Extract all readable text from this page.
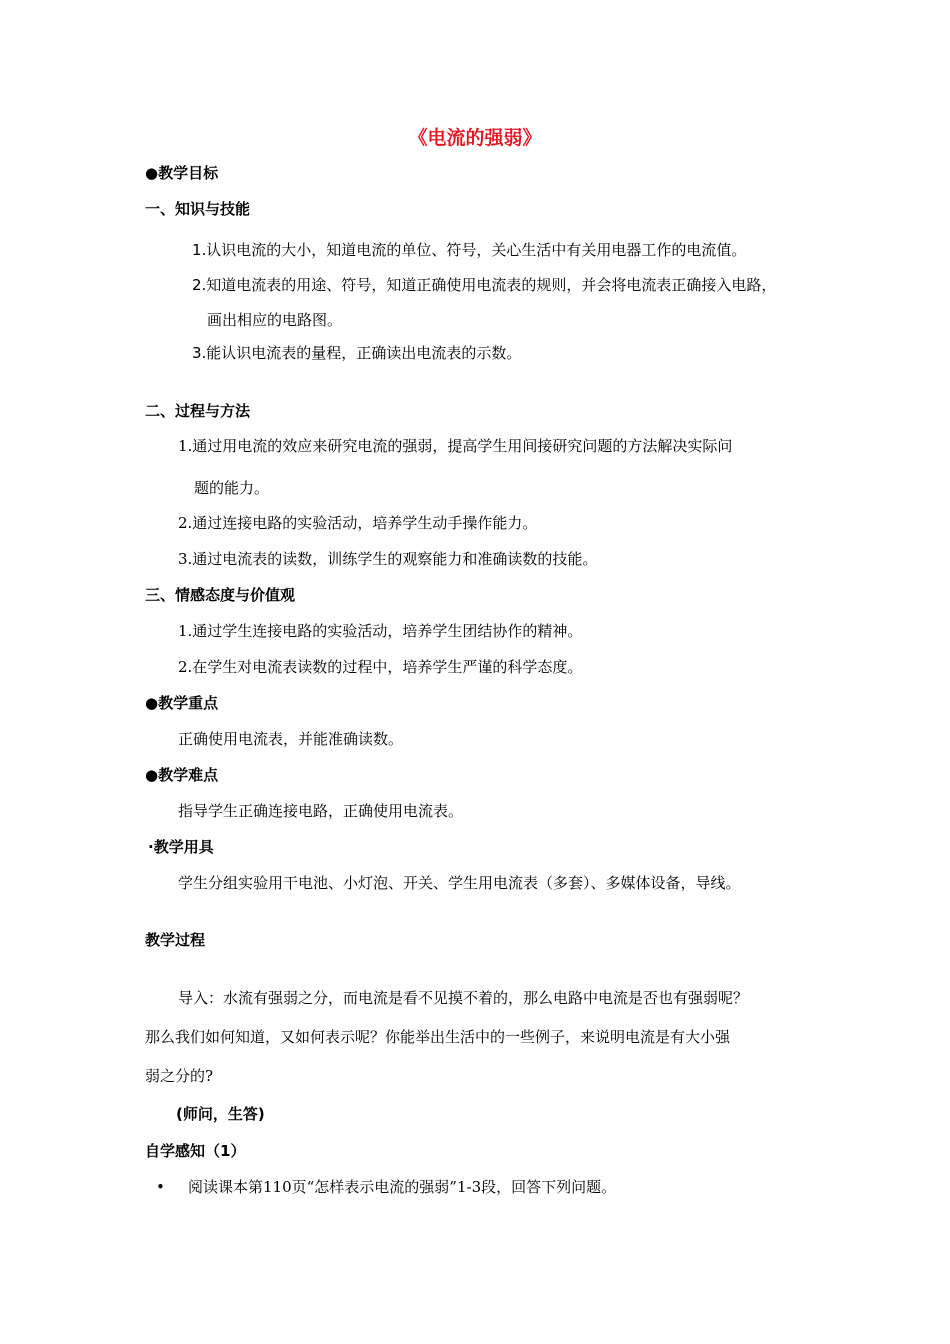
《电流的强弱》
●教学目标
一、知识与技能
1.认识电流的大小，知道电流的单位、符号，关心生活中有关用电器工作的电流值。
2.知道电流表的用途、符号，知道正确使用电流表的规则，并会将电流表正确接入电路，
画出相应的电路图。
3.能认识电流表的量程，正确读出电流表的示数。
二、过程与方法
1.通过用电流的效应来研究电流的强弱，提高学生用间接研究问题的方法解决实际问
题的能力。
2.通过连接电路的实验活动，培养学生动手操作能力。
3.通过电流表的读数，训练学生的观察能力和准确读数的技能。
三、情感态度与价值观
1.通过学生连接电路的实验活动，培养学生团结协作的精神。
2.在学生对电流表读数的过程中，培养学生严谨的科学态度。
●教学重点
正确使用电流表，并能准确读数。
●教学难点
指导学生正确连接电路，正确使用电流表。
·教学用具
学生分组实验用干电池、小灯泡、开关、学生用电流表（多套）、多媒体设备，导线。
教学过程
导入：水流有强弱之分，而电流是看不见摸不着的，那么电路中电流是否也有强弱呢？
那么我们如何知道，又如何表示呢？你能举出生活中的一些例子，来说明电流是有大小强
弱之分的?
(师问，生答)
自学感知（1）
• 阅读课本第110页“怎样表示电流的强弱”1-3段，回答下列问题。
